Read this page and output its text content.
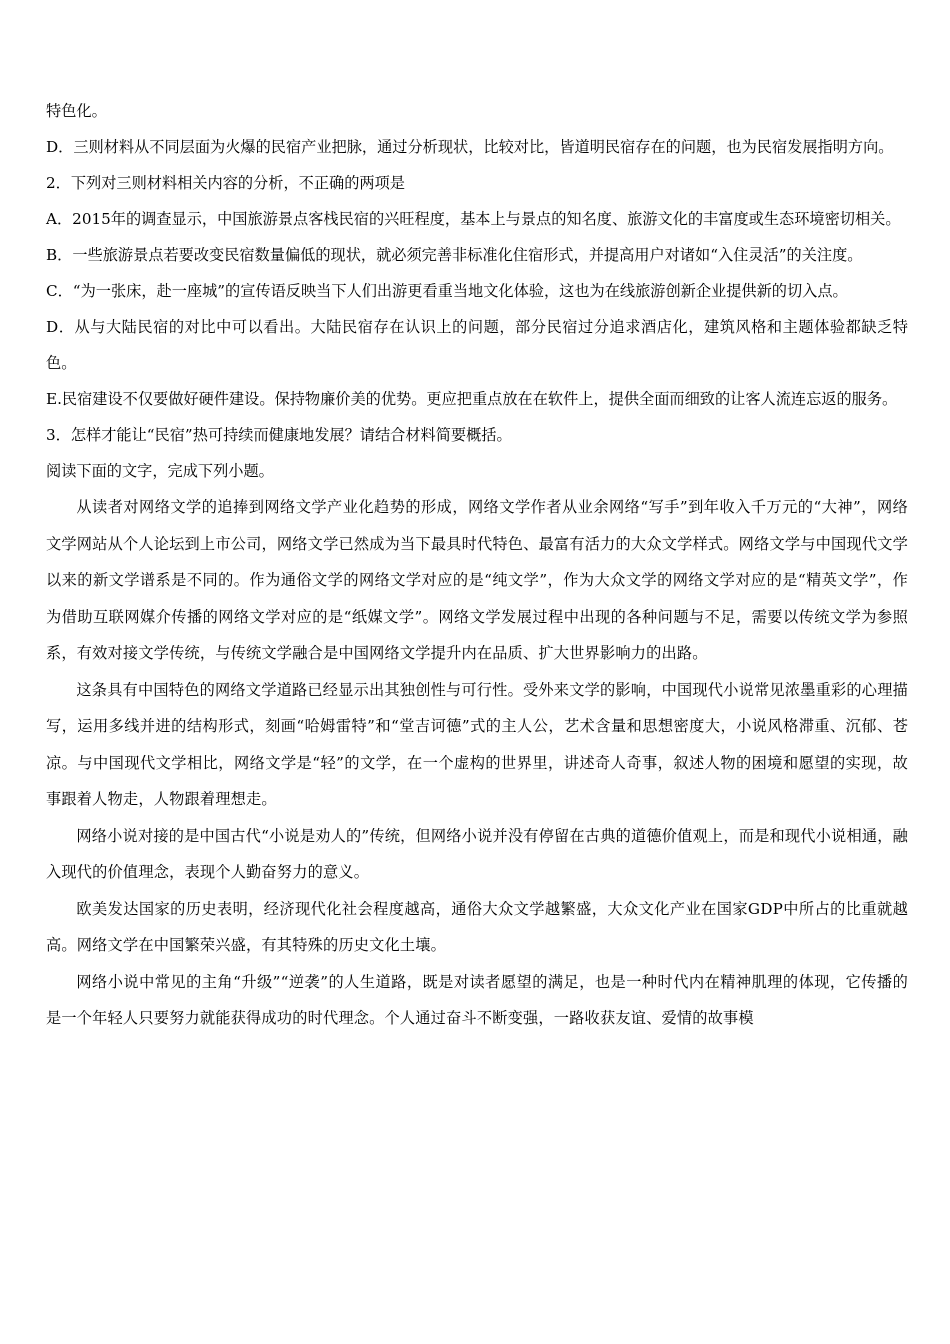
特色化。

D．三则材料从不同层面为火爆的民宿产业把脉，通过分析现状，比较对比，皆道明民宿存在的问题，也为民宿发展指明方向。

2．下列对三则材料相关内容的分析，不正确的两项是

A．2015年的调查显示，中国旅游景点客栈民宿的兴旺程度，基本上与景点的知名度、旅游文化的丰富度或生态环境密切相关。

B．一些旅游景点若要改变民宿数量偏低的现状，就必须完善非标准化住宿形式，并提高用户对诸如“入住灵活”的关注度。

C．“为一张床，赴一座城”的宣传语反映当下人们出游更看重当地文化体验，这也为在线旅游创新企业提供新的切入点。

D．从与大陆民宿的对比中可以看出。大陆民宿存在认识上的问题，部分民宿过分追求酒店化，建筑风格和主题体验都缺乏特色。

E.民宿建设不仅要做好硬件建设。保持物廉价美的优势。更应把重点放在在软件上，提供全面而细致的让客人流连忘返的服务。

3．怎样才能让“民宿”热可持续而健康地发展？请结合材料简要概括。

阅读下面的文字，完成下列小题。

从读者对网络文学的追捧到网络文学产业化趋势的形成，网络文学作者从业余网络“写手”到年收入千万元的“大神”，网络文学网站从个人论坛到上市公司，网络文学已然成为当下最具时代特色、最富有活力的大众文学样式。网络文学与中国现代文学以来的新文学谱系是不同的。作为通俗文学的网络文学对应的是“纯文学”，作为大众文学的网络文学对应的是“精英文学”，作为借助互联网媒介传播的网络文学对应的是“纸媒文学”。网络文学发展过程中出现的各种问题与不足，需要以传统文学为参照系，有效对接文学传统，与传统文学融合是中国网络文学提升内在品质、扩大世界影响力的出路。

这条具有中国特色的网络文学道路已经显示出其独创性与可行性。受外来文学的影响，中国现代小说常见浓墨重彩的心理描写，运用多线并进的结构形式，刻画“哈姆雷特”和“堂吉诃德”式的主人公，艺术含量和思想密度大，小说风格滞重、沉郁、苍凉。与中国现代文学相比，网络文学是“轻”的文学，在一个虚构的世界里，讲述奇人奇事，叙述人物的困境和愿望的实现，故事跟着人物走，人物跟着理想走。

网络小说对接的是中国古代“小说是劝人的”传统，但网络小说并没有停留在古典的道德价值观上，而是和现代小说相通，融入现代的价值理念，表现个人勤奋努力的意义。

欧美发达国家的历史表明，经济现代化社会程度越高，通俗大众文学越繁盛，大众文化产业在国家GDP中所占的比重就越高。网络文学在中国繁荣兴盛，有其特殊的历史文化土壤。

网络小说中常见的主角“升级”“逆袭”的人生道路，既是对读者愿望的满足，也是一种时代内在精神肌理的体现，它传播的是一个年轻人只要努力就能获得成功的时代理念。个人通过奋斗不断变强，一路收获友谊、爱情的故事模
